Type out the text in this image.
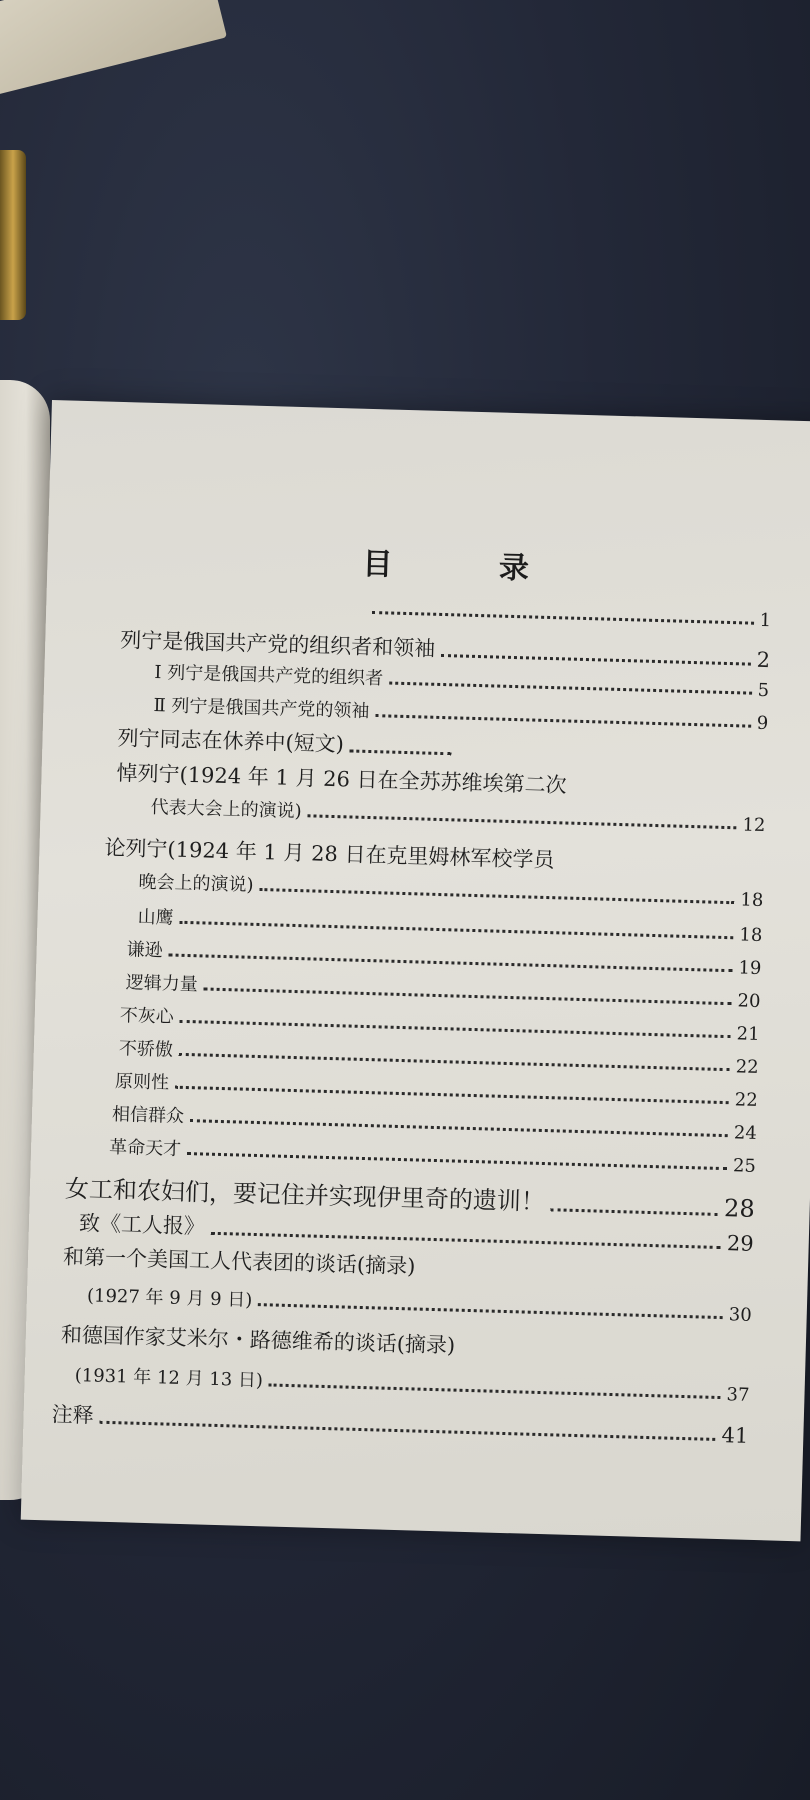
目 录
1
列宁是俄国共产党的组织者和领袖	2
Ⅰ 列宁是俄国共产党的组织者
5
Ⅱ 列宁是俄国共产党的领袖
9
列宁同志在休养中(短文)
悼列宁(1924 年 1 月 26 日在全苏苏维埃第二次
代表大会上的演说)
12
论列宁(1924 年 1 月 28 日在克里姆林军校学员
晚会上的演说)
18
山鹰
18
谦逊
19
逻辑力量
20
不灰心
21
不骄傲
22
原则性
22
相信群众
24
革命天才
25
女工和农妇们，要记住并实现伊里奇的遗训！	28
致《工人报》
29
和第一个美国工人代表团的谈话(摘录)
(1927 年 9 月 9 日)
30
和德国作家艾米尔・路德维希的谈话(摘录)
(1931 年 12 月 13 日)
37
注释
41
